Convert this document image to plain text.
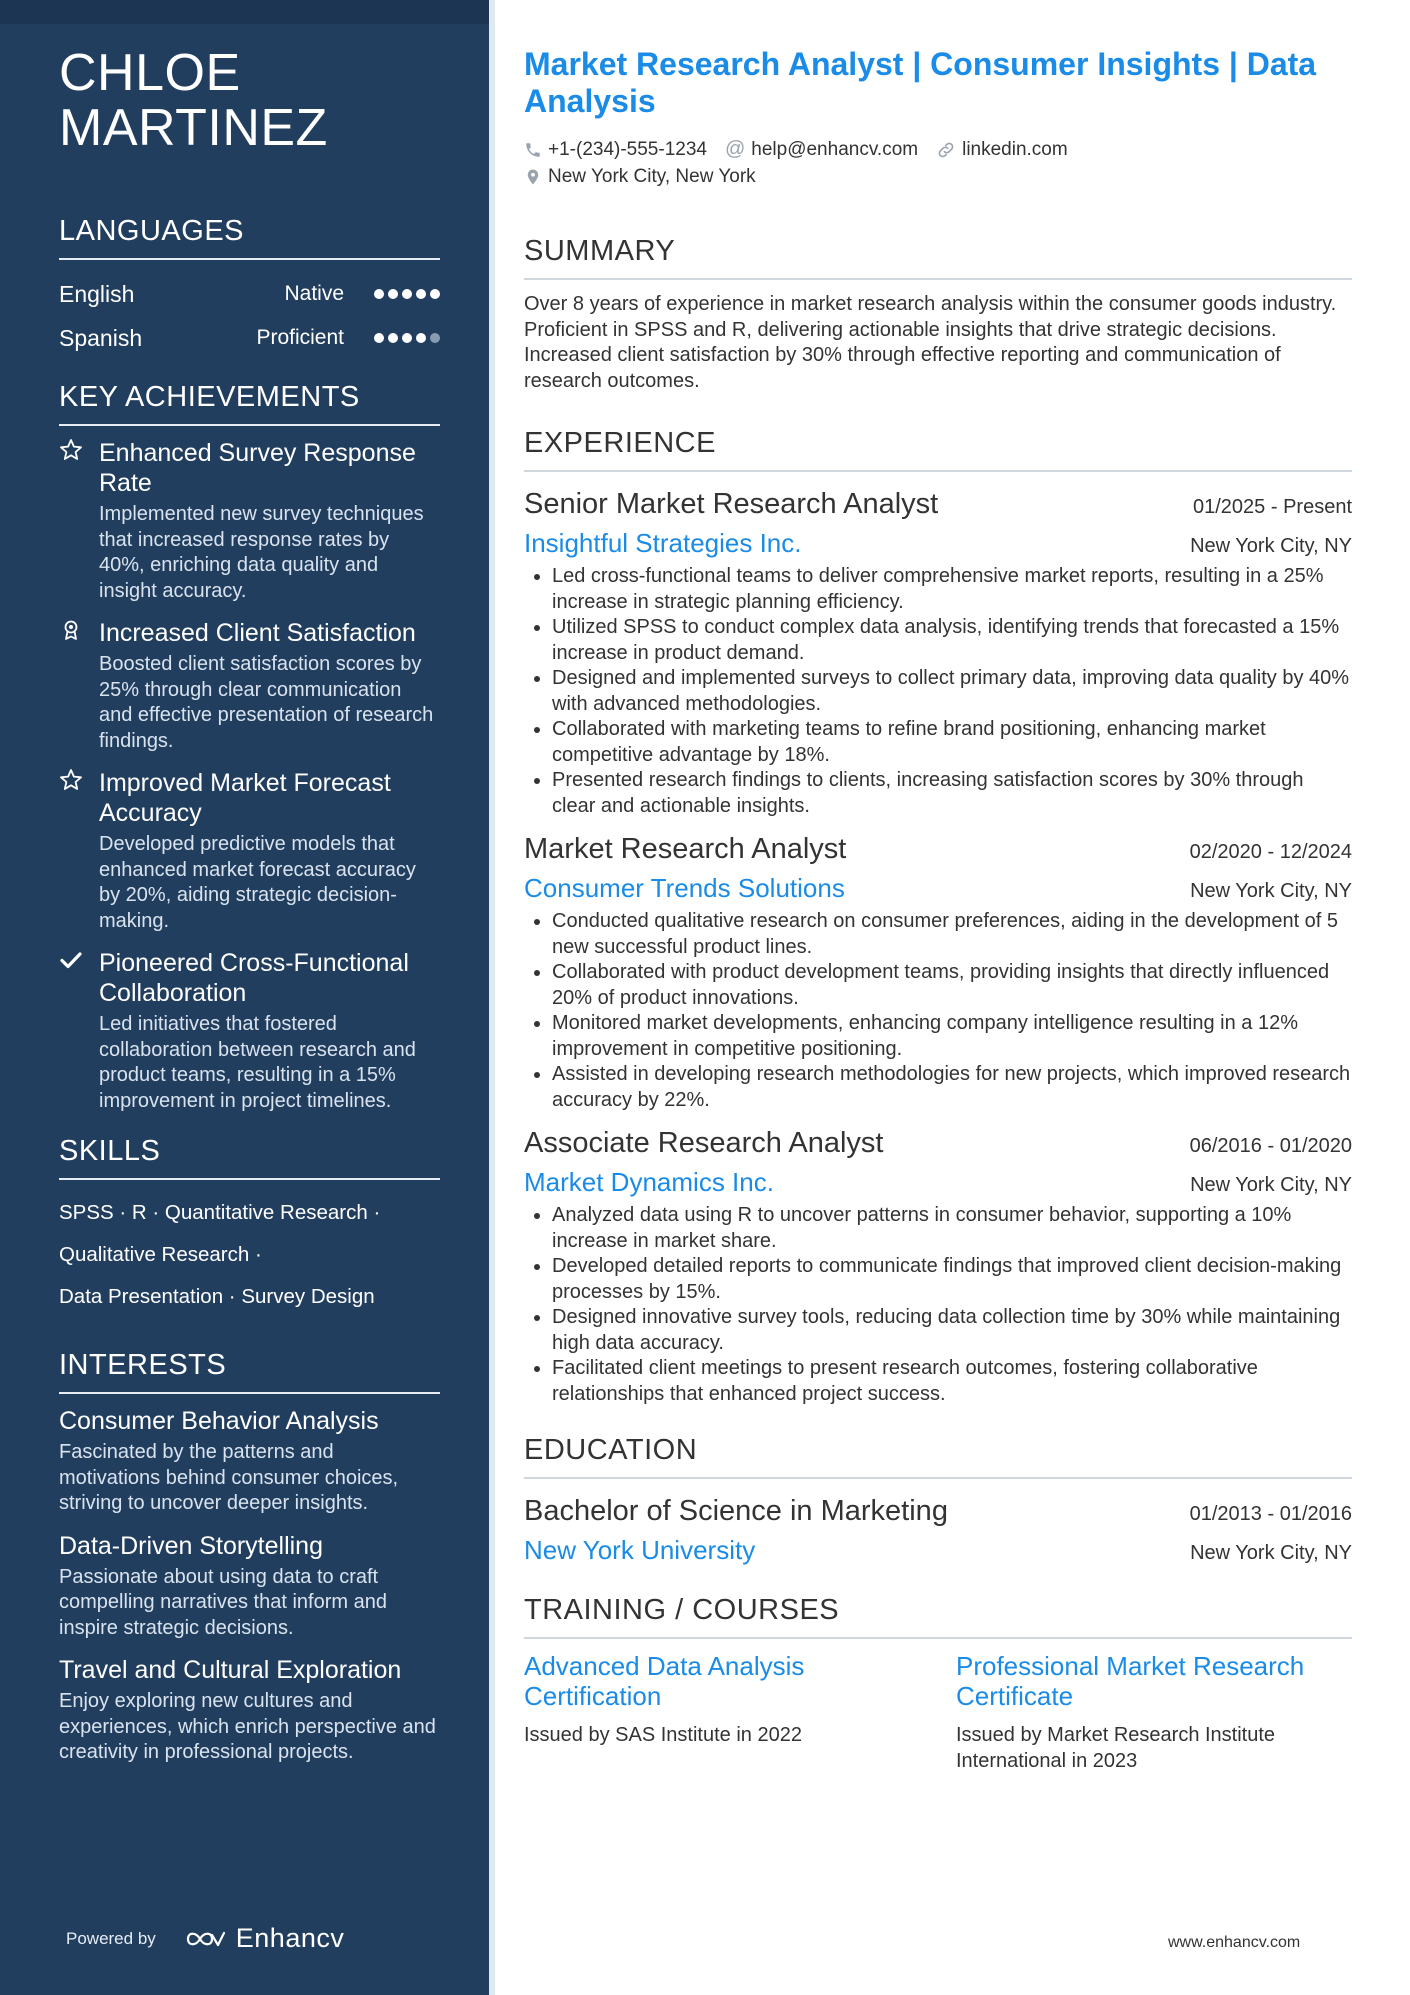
CHLOE
MARTINEZ
LANGUAGES
English	Native
Spanish	Proficient
KEY ACHIEVEMENTS
Enhanced Survey Response Rate
Implemented new survey techniques that increased response rates by 40%, enriching data quality and insight accuracy.
Increased Client Satisfaction
Boosted client satisfaction scores by 25% through clear communication and effective presentation of research findings.
Improved Market Forecast Accuracy
Developed predictive models that enhanced market forecast accuracy by 20%, aiding strategic decision-making.
Pioneered Cross-Functional Collaboration
Led initiatives that fostered collaboration between research and product teams, resulting in a 15% improvement in project timelines.
SKILLS
SPSS · R · Quantitative Research ·
Qualitative Research ·
Data Presentation · Survey Design
INTERESTS
Consumer Behavior Analysis
Fascinated by the patterns and motivations behind consumer choices, striving to uncover deeper insights.
Data-Driven Storytelling
Passionate about using data to craft compelling narratives that inform and inspire strategic decisions.
Travel and Cultural Exploration
Enjoy exploring new cultures and experiences, which enrich perspective and creativity in professional projects.
Powered by	Enhancv
Market Research Analyst | Consumer Insights | Data Analysis
+1-(234)-555-1234 @ help@enhancv.com linkedin.com
New York City, New York
SUMMARY
Over 8 years of experience in market research analysis within the consumer goods industry. Proficient in SPSS and R, delivering actionable insights that drive strategic decisions. Increased client satisfaction by 30% through effective reporting and communication of research outcomes.
EXPERIENCE
Senior Market Research Analyst	01/2025 - Present
Insightful Strategies Inc.	New York City, NY
• Led cross-functional teams to deliver comprehensive market reports, resulting in a 25% increase in strategic planning efficiency.
• Utilized SPSS to conduct complex data analysis, identifying trends that forecasted a 15% increase in product demand.
• Designed and implemented surveys to collect primary data, improving data quality by 40% with advanced methodologies.
• Collaborated with marketing teams to refine brand positioning, enhancing market competitive advantage by 18%.
• Presented research findings to clients, increasing satisfaction scores by 30% through clear and actionable insights.
Market Research Analyst	02/2020 - 12/2024
Consumer Trends Solutions	New York City, NY
• Conducted qualitative research on consumer preferences, aiding in the development of 5 new successful product lines.
• Collaborated with product development teams, providing insights that directly influenced 20% of product innovations.
• Monitored market developments, enhancing company intelligence resulting in a 12% improvement in competitive positioning.
• Assisted in developing research methodologies for new projects, which improved research accuracy by 22%.
Associate Research Analyst	06/2016 - 01/2020
Market Dynamics Inc.	New York City, NY
• Analyzed data using R to uncover patterns in consumer behavior, supporting a 10% increase in market share.
• Developed detailed reports to communicate findings that improved client decision-making processes by 15%.
• Designed innovative survey tools, reducing data collection time by 30% while maintaining high data accuracy.
• Facilitated client meetings to present research outcomes, fostering collaborative relationships that enhanced project success.
EDUCATION
Bachelor of Science in Marketing	01/2013 - 01/2016
New York University	New York City, NY
TRAINING / COURSES
Advanced Data Analysis Certification
Issued by SAS Institute in 2022
Professional Market Research Certificate
Issued by Market Research Institute International in 2023
www.enhancv.com
